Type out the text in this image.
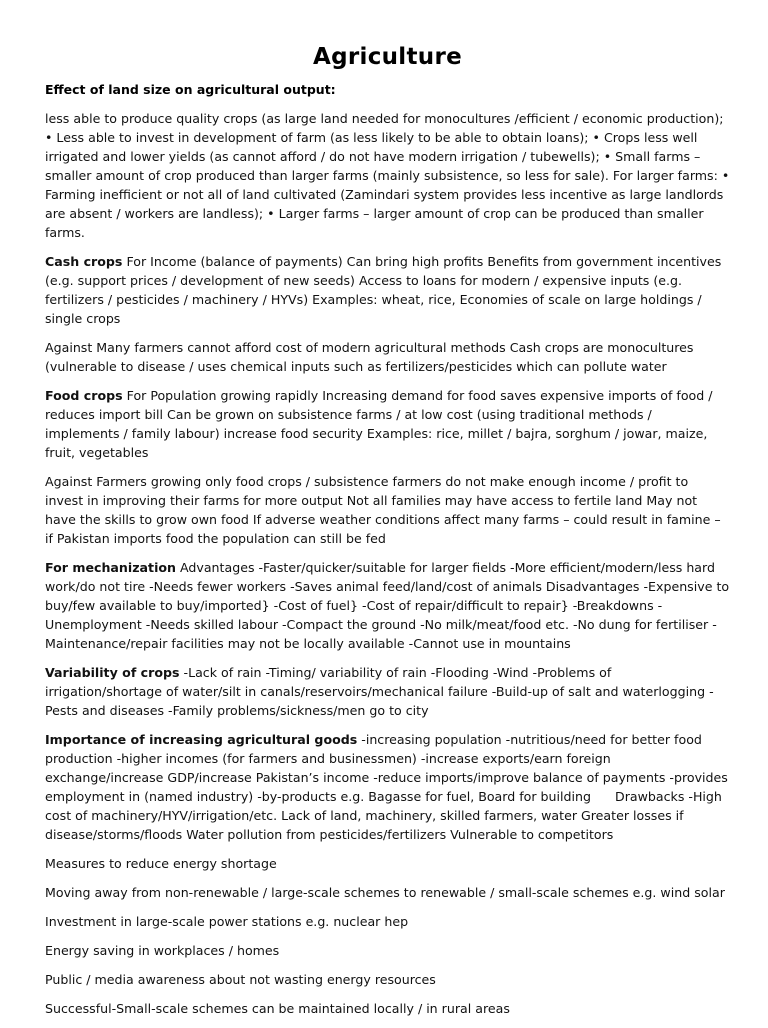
Agriculture
Effect of land size on agricultural output:

less able to produce quality crops (as large land needed for monocultures /efficient / economic production); • Less able to invest in development of farm (as less likely to be able to obtain loans); • Crops less well irrigated and lower yields (as cannot afford / do not have modern irrigation / tubewells); • Small farms – smaller amount of crop produced than larger farms (mainly subsistence, so less for sale). For larger farms: • Farming inefficient or not all of land cultivated (Zamindari system provides less incentive as large landlords are absent / workers are landless); • Larger farms – larger amount of crop can be produced than smaller farms.

Cash crops For Income (balance of payments) Can bring high profits Benefits from government incentives (e.g. support prices / development of new seeds) Access to loans for modern / expensive inputs (e.g. fertilizers / pesticides / machinery / HYVs) Examples: wheat, rice, Economies of scale on large holdings / single crops

Against Many farmers cannot afford cost of modern agricultural methods Cash crops are monocultures (vulnerable to disease / uses chemical inputs such as fertilizers/pesticides which can pollute water

Food crops For Population growing rapidly Increasing demand for food saves expensive imports of food / reduces import bill Can be grown on subsistence farms / at low cost (using traditional methods / implements / family labour) increase food security Examples: rice, millet / bajra, sorghum / jowar, maize, fruit, vegetables

Against Farmers growing only food crops / subsistence farmers do not make enough income / profit to invest in improving their farms for more output Not all families may have access to fertile land May not have the skills to grow own food If adverse weather conditions affect many farms – could result in famine – if Pakistan imports food the population can still be fed

For mechanization Advantages -Faster/quicker/suitable for larger fields -More efficient/modern/less hard work/do not tire -Needs fewer workers -Saves animal feed/land/cost of animals Disadvantages -Expensive to buy/few available to buy/imported} -Cost of fuel} -Cost of repair/difficult to repair} -Breakdowns -Unemployment -Needs skilled labour -Compact the ground -No milk/meat/food etc. -No dung for fertiliser -Maintenance/repair facilities may not be locally available -Cannot use in mountains

Variability of crops -Lack of rain -Timing/ variability of rain -Flooding -Wind -Problems of irrigation/shortage of water/silt in canals/reservoirs/mechanical failure -Build-up of salt and waterlogging -Pests and diseases -Family problems/sickness/men go to city

Importance of increasing agricultural goods -increasing population -nutritious/need for better food production -higher incomes (for farmers and businessmen) -increase exports/earn foreign exchange/increase GDP/increase Pakistan’s income -reduce imports/improve balance of payments -provides employment in (named industry) -by-products e.g. Bagasse for fuel, Board for building      Drawbacks -High cost of machinery/HYV/irrigation/etc. Lack of land, machinery, skilled farmers, water Greater losses if disease/storms/floods Water pollution from pesticides/fertilizers Vulnerable to competitors

Measures to reduce energy shortage

Moving away from non-renewable / large-scale schemes to renewable / small-scale schemes e.g. wind solar

Investment in large-scale power stations e.g. nuclear hep

Energy saving in workplaces / homes

Public / media awareness about not wasting energy resources

Successful-Small-scale schemes can be maintained locally / in rural areas
